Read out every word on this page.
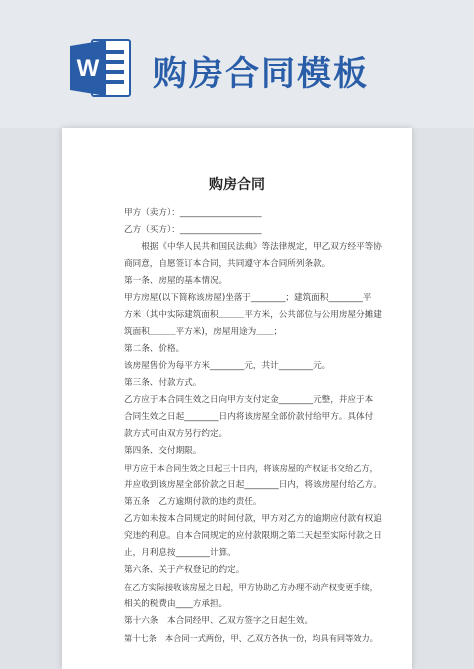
W 购房合同模板
购房合同
甲方（卖方）：___________________
乙方（买方）：___________________
　　根据《中华人民共和国民法典》等法律规定，甲乙双方经平等协
商同意，自愿签订本合同，共同遵守本合同所列条款。
第一条、房屋的基本情况。
甲方房屋(以下简称该房屋)坐落于________；建筑面积________平
方米（其中实际建筑面积＿＿＿平方米，公共部位与公用房屋分摊建
筑面积＿＿＿平方米)，房屋用途为＿＿；
第二条、价格。
该房屋售价为每平方米________元，共计________元。
第三条、付款方式。
乙方应于本合同生效之日向甲方支付定金________元整，并应于本
合同生效之日起________日内将该房屋全部价款付给甲方。具体付
款方式可由双方另行约定。
第四条、交付期限。
甲方应于本合同生效之日起三十日内，将该房屋的产权证书交给乙方，
并应收到该房屋全部价款之日起________日内，将该房屋付给乙方。
第五条　乙方逾期付款的违约责任。
乙方如未按本合同规定的时间付款，甲方对乙方的逾期应付款有权追
究违约利息。自本合同规定的应付款限期之第二天起至实际付款之日
止，月利息按________计算。
第六条、关于产权登记的约定。
在乙方实际接收该房屋之日起，甲方协助乙方办理不动产权变更手续，
相关的税费由____方承担。
第十六条　本合同经甲、乙双方签字之日起生效。
第十七条　本合同一式两份，甲、乙双方各执一份，均具有同等效力。
